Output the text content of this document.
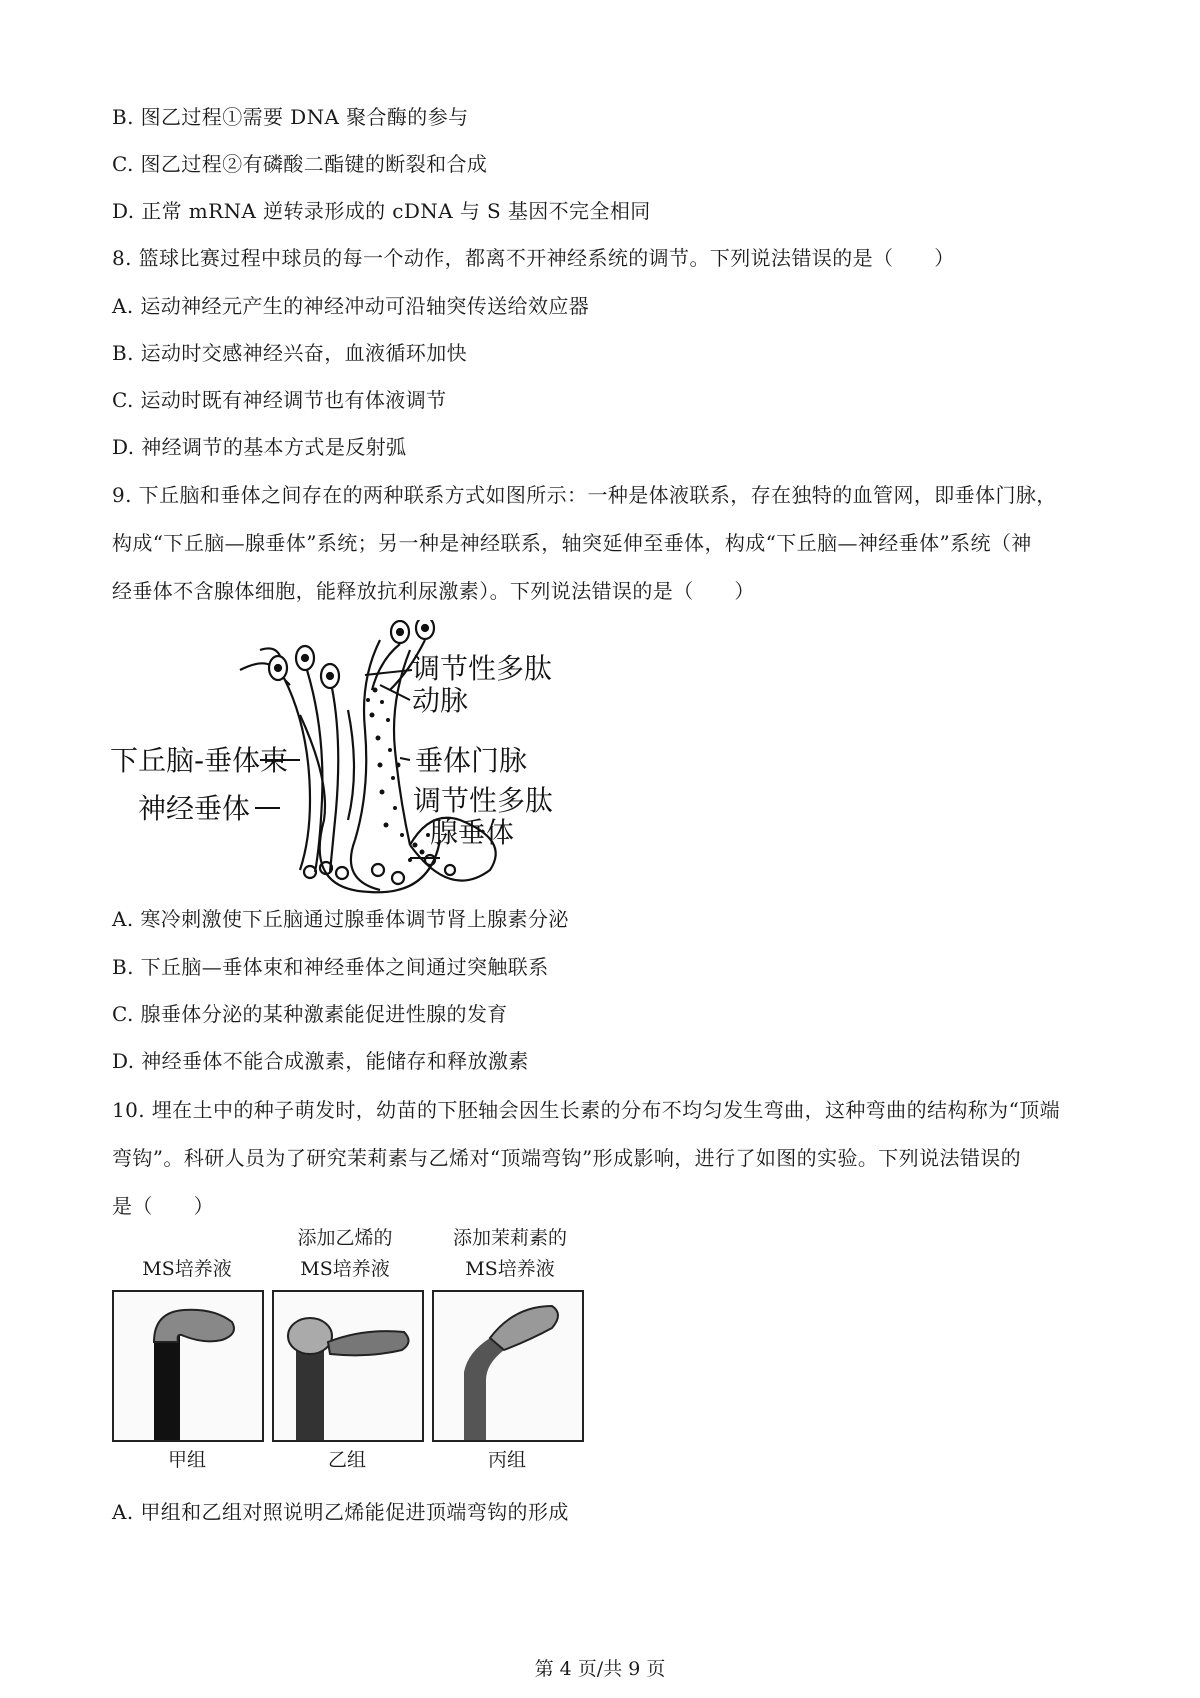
B. 图乙过程①需要 DNA 聚合酶的参与
C. 图乙过程②有磷酸二酯键的断裂和合成
D. 正常 mRNA 逆转录形成的 cDNA 与 S 基因不完全相同
8. 篮球比赛过程中球员的每一个动作，都离不开神经系统的调节。下列说法错误的是（　　）
A. 运动神经元产生的神经冲动可沿轴突传送给效应器
B. 运动时交感神经兴奋，血液循环加快
C. 运动时既有神经调节也有体液调节
D. 神经调节的基本方式是反射弧
9. 下丘脑和垂体之间存在的两种联系方式如图所示：一种是体液联系，存在独特的血管网，即垂体门脉，
构成“下丘脑—腺垂体”系统；另一种是神经联系，轴突延伸至垂体，构成“下丘脑—神经垂体”系统（神
经垂体不含腺体细胞，能释放抗利尿激素）。下列说法错误的是（　　）
调节性多肽
动脉
下丘脑-垂体束	垂体门脉
神经垂体	调节性多肽
腺垂体
A. 寒冷刺激使下丘脑通过腺垂体调节肾上腺素分泌
B. 下丘脑—垂体束和神经垂体之间通过突触联系
C. 腺垂体分泌的某种激素能促进性腺的发育
D. 神经垂体不能合成激素，能储存和释放激素
10. 埋在土中的种子萌发时，幼苗的下胚轴会因生长素的分布不均匀发生弯曲，这种弯曲的结构称为“顶端
弯钩”。科研人员为了研究茉莉素与乙烯对“顶端弯钩”形成影响，进行了如图的实验。下列说法错误的
是（　　）
MS培养液
添加乙烯的
MS培养液
添加茉莉素的
MS培养液
甲组	乙组	丙组
A. 甲组和乙组对照说明乙烯能促进顶端弯钩的形成
第 4 页/共 9 页
